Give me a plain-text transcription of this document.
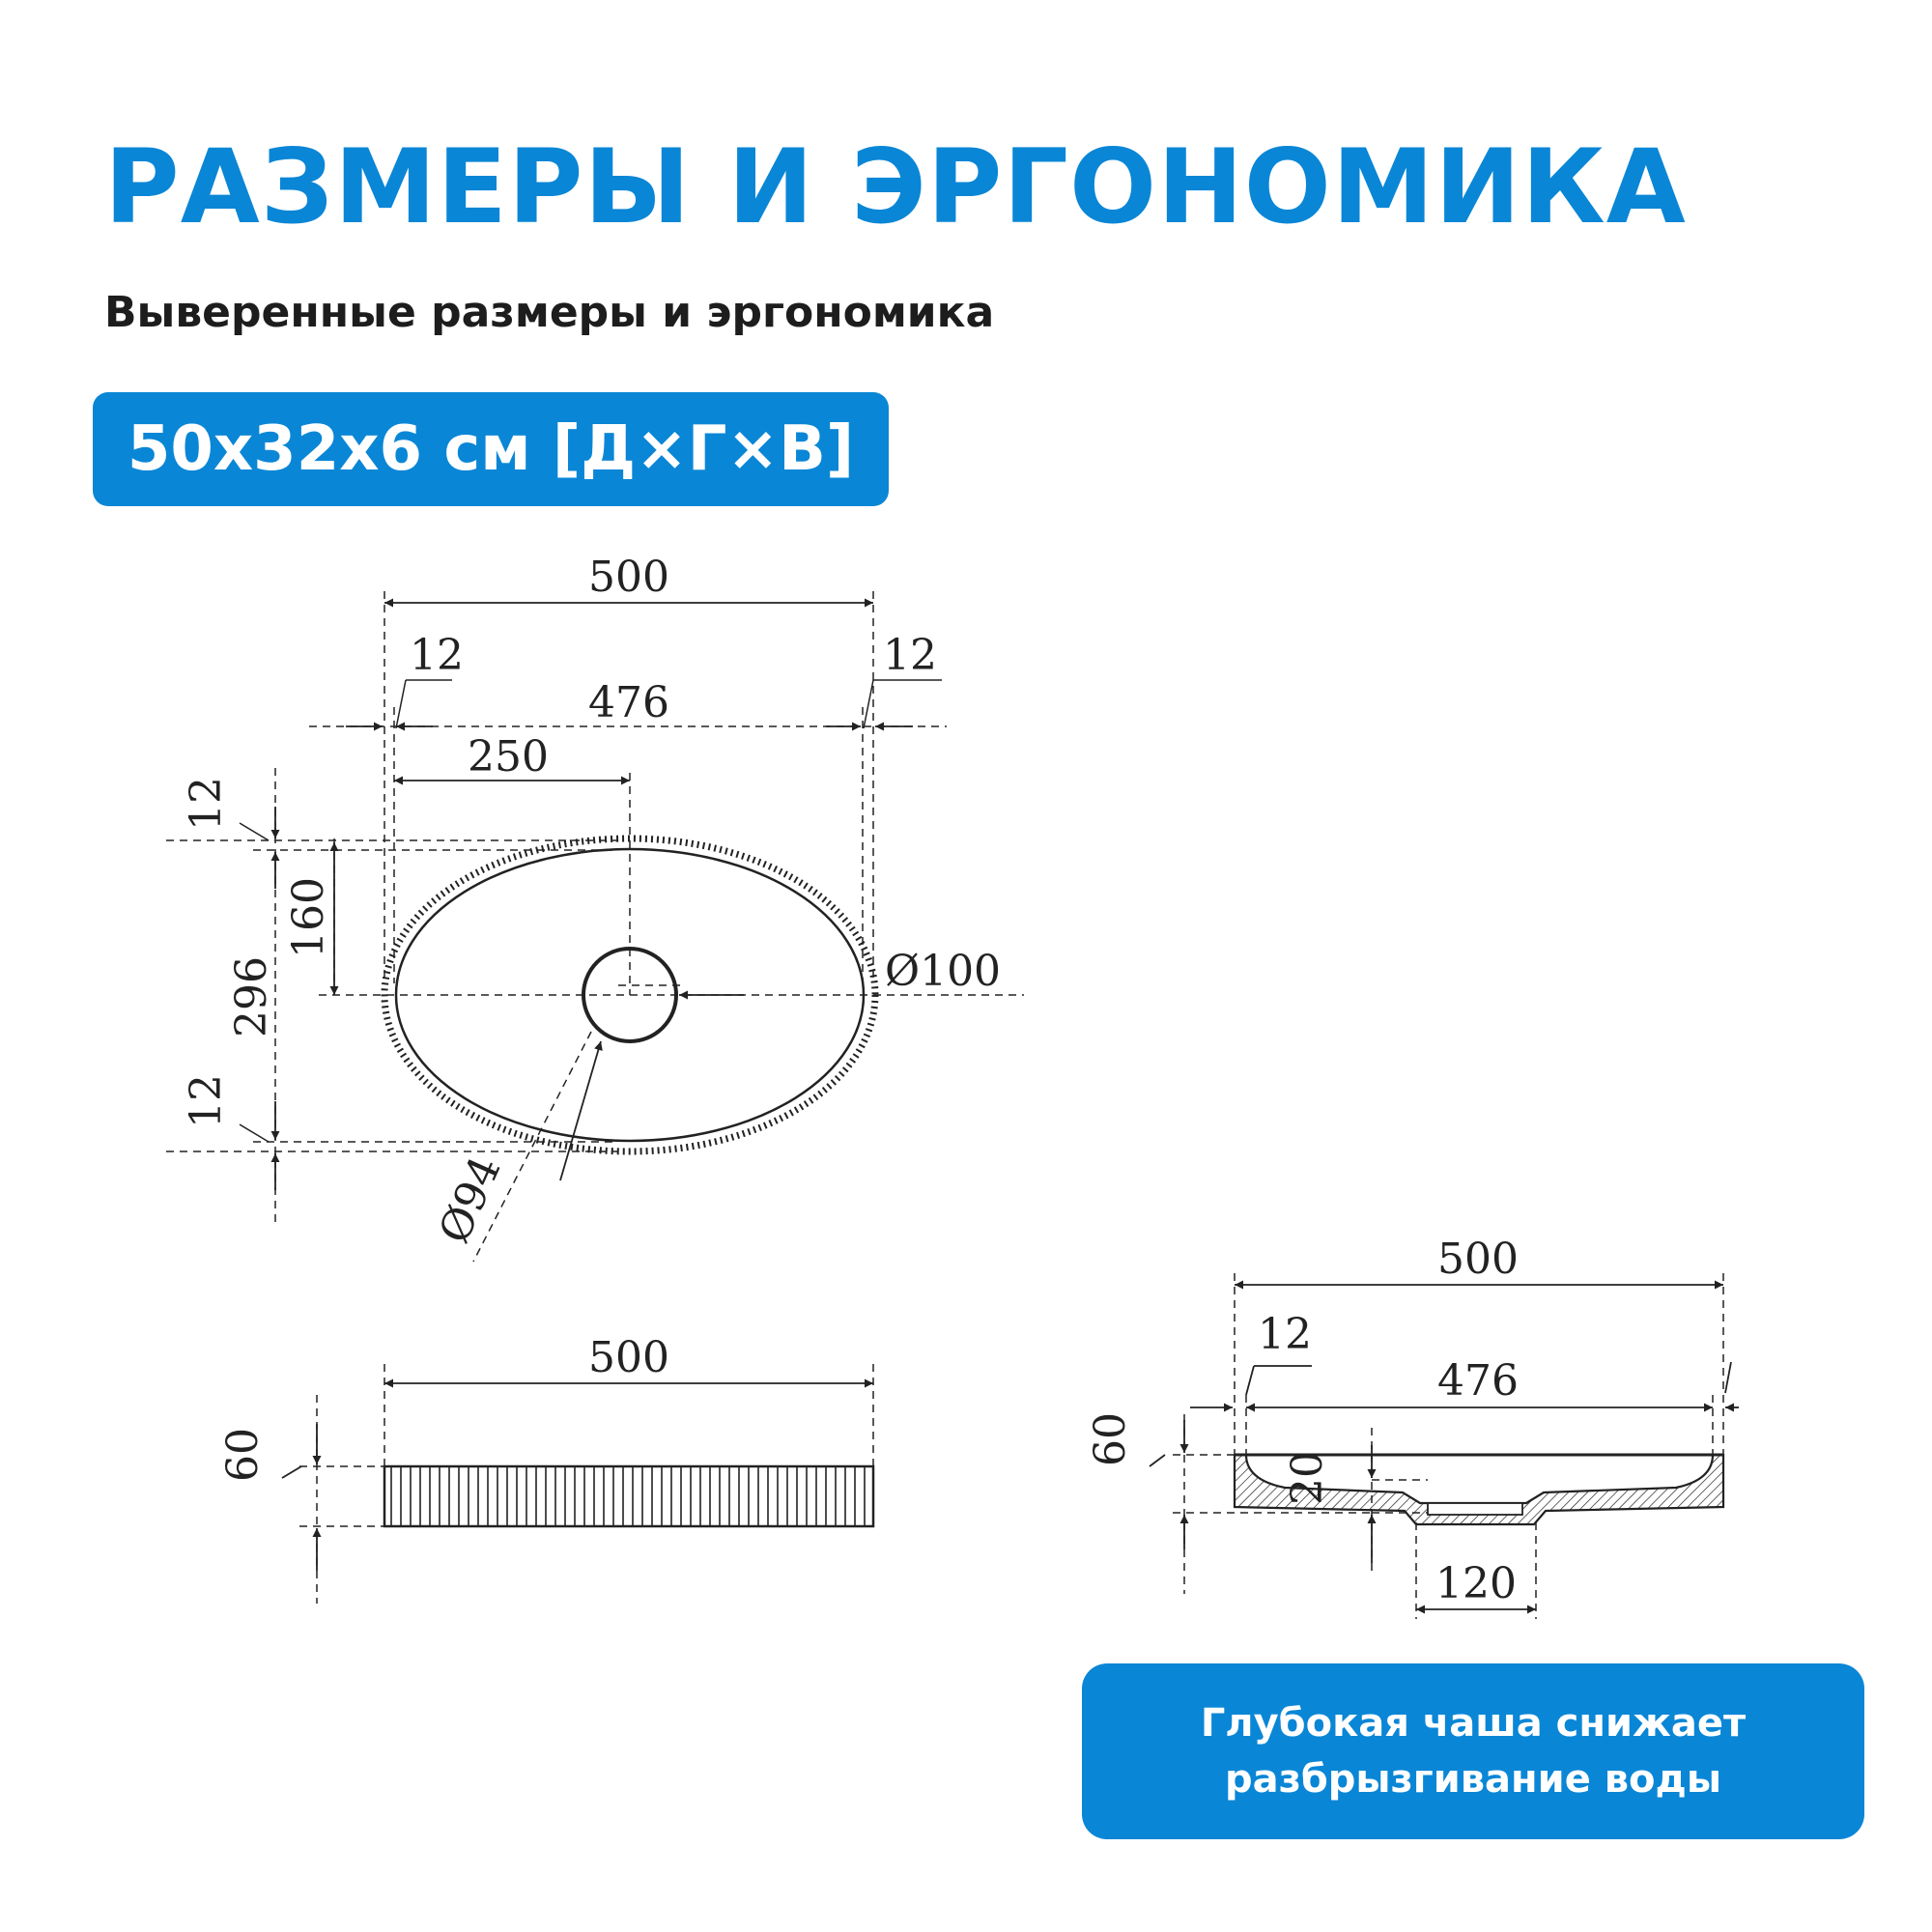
РАЗМЕРЫ И ЭРГОНОМИКА
Выверенные размеры и эргономика
50x32x6 см [Д×Г×В]
500
12	12
476
250
12
160
296
12
Ø100
Ø94
500
60
500
12
476
60
20
120
Глубокая чаша снижает
разбрызгивание воды
